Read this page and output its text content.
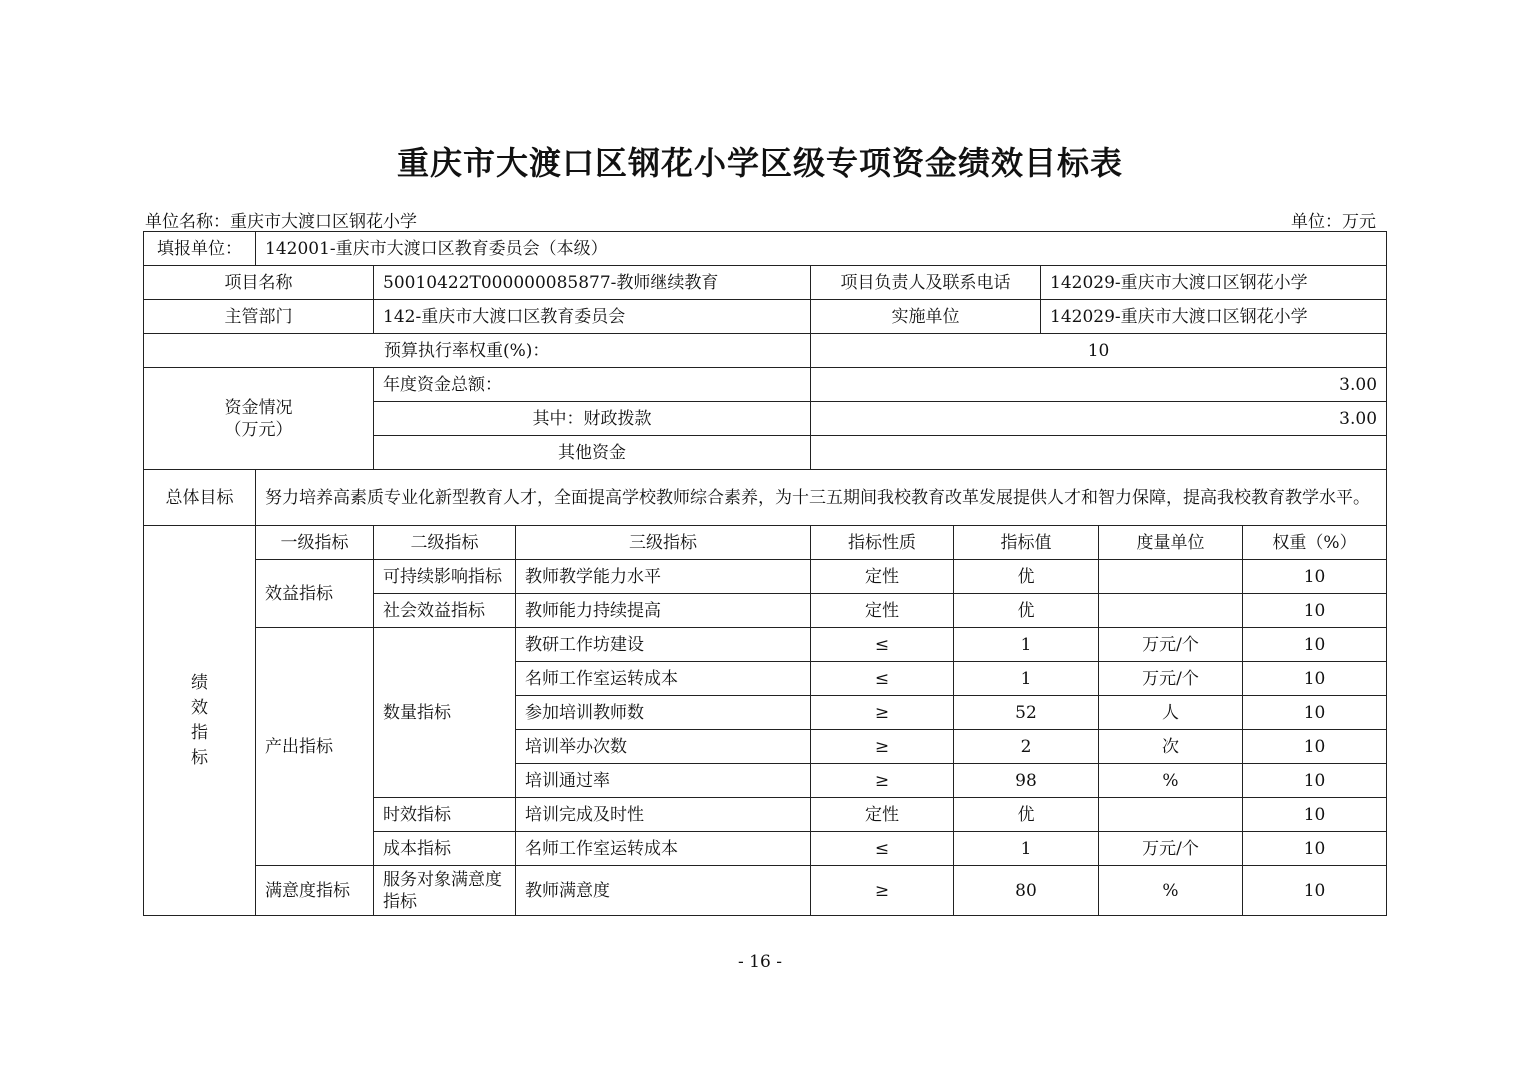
重庆市大渡口区钢花小学区级专项资金绩效目标表
单位名称：重庆市大渡口区钢花小学	单位：万元
填报单位：	142001-重庆市大渡口区教育委员会（本级）							
项目名称		50010422T000000085877-教师继续教育		项目负责人及联系电话		142029-重庆市大渡口区钢花小学		
主管部门		142-重庆市大渡口区教育委员会		实施单位		142029-重庆市大渡口区钢花小学		
预算执行率权重(%)：				10				
资金情况
（万元）		年度资金总额：		3.00				
		其中：财政拨款		3.00				
		其他资金						
总体目标	努力培养高素质专业化新型教育人才，全面提高学校教师综合素养，为十三五期间我校教育改革发展提供人才和智力保障，提高我校教育教学水平。							
绩
效
指
标	一级指标	二级指标	三级指标	指标性质	指标值		度量单位	权重（%）
	效益指标	可持续影响指标	教师教学能力水平	定性	优			10
		社会效益指标	教师能力持续提高	定性	优			10
	产出指标	数量指标	教研工作坊建设	≤	1		万元/个	10
			名师工作室运转成本	≤	1		万元/个	10
			参加培训教师数	≥	52		人	10
			培训举办次数	≥	2		次	10
			培训通过率	≥	98		%	10
		时效指标	培训完成及时性	定性	优			10
		成本指标	名师工作室运转成本	≤	1		万元/个	10
	满意度指标	服务对象满意度指标	教师满意度	≥	80		%	10
- 16 -
